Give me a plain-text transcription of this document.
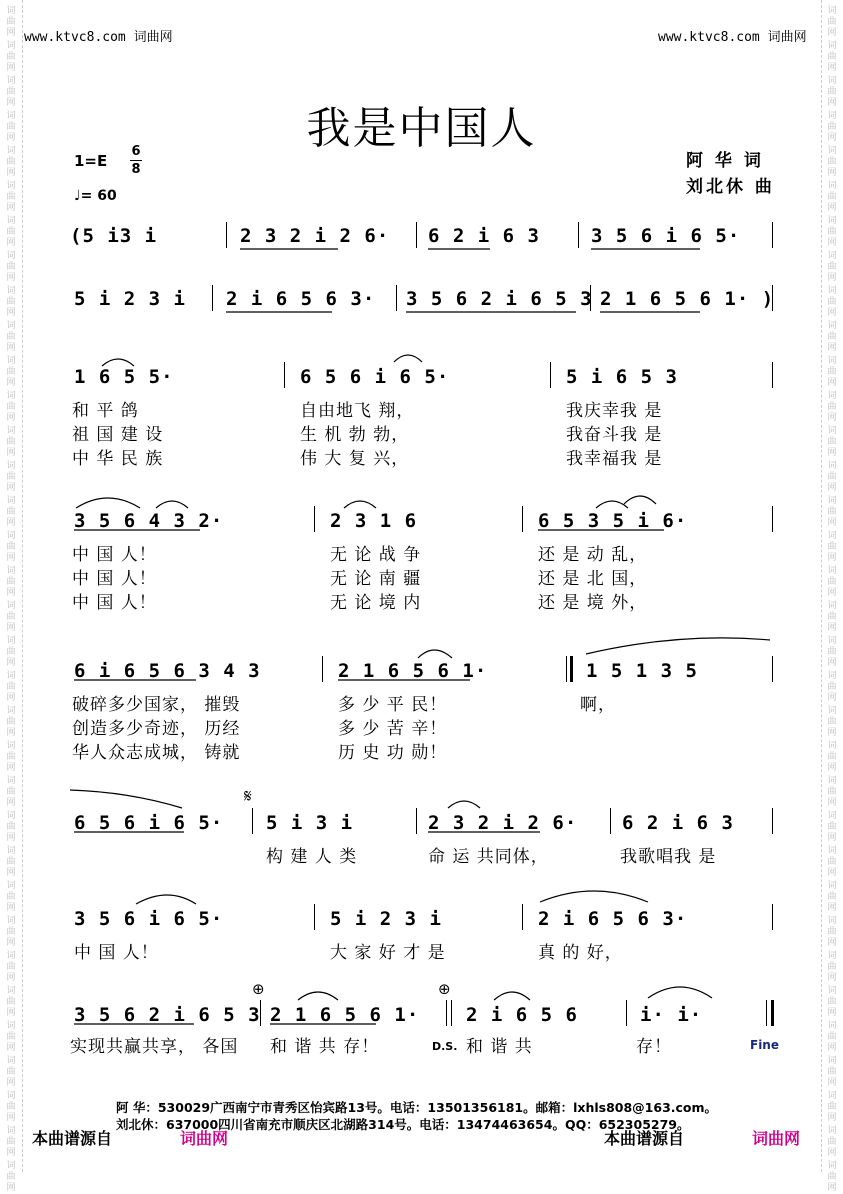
词
曲
网
词
曲
网
词
曲
网
词
曲
网
词
曲
网
词
曲
网
词
曲
网
词
曲
网
词
曲
网
词
曲
网
词
曲
网
词
曲
网
词
曲
网
词
曲
网
词
曲
网
词
曲
网
词
曲
网
词
曲
网
词
曲
网
词
曲
网
词
曲
网
词
曲
网
词
曲
网
词
曲
网
词
曲
网
词
曲
网
词
曲
网
词
曲
网
词
曲
网
词
曲
网
词
曲
网
词
曲
网
词
曲
网
词
曲
网
词
曲
网
词
曲
网
词
曲
网
词
曲
网
词
曲
网
词
曲
网
词
曲
网
词
曲
网
词
曲
网
词
曲
网
词
曲
网
词
曲
网
词
曲
网
词
曲
网
词
曲
网
词
曲
网
词
曲
网
词
曲
网
词
曲
网
词
曲
网
词
曲
网
词
曲
网
词
曲
网
词
曲
网
词
曲
网
词
曲
网
词
曲
网
词
曲
网
词
曲
网
词
曲
网
词
曲
网
词
曲
网
词
曲
网
词
曲
网
www.ktvc8.com 词曲网	www.ktvc8.com 词曲网
我是中国人
1=E
6
8
♩= 60
阿 华 词
刘北休 曲
(5 i3 i	2 3 2 i 2 6· 6 2 i 6 3	3 5 6 i 6 5·
5 i 2 3 i 2 i 6 5 6 3· 3 5 6 2 i 6 5 3 2 1 6 5 6 1· )
1 6 5 5·	6 5 6 i 6 5·	5 i 6 5 3
和 平 鸽	自由地飞 翔，	我庆幸我 是
祖 国 建 设	生 机 勃 勃，	我奋斗我 是
中 华 民 族	伟 大 复 兴，	我幸福我 是
3 5 6 4 3 2·	2 3 1 6	6 5 3 5 i 6·
中 国 人！	无 论 战 争	还 是 动 乱，
中 国 人！	无 论 南 疆	还 是 北 国，
中 国 人！	无 论 境 内	还 是 境 外，
6 i 6 5 6 3 4 3	2 1 6 5 6 1·	1 5 1 3 5
破碎多少国家， 摧毁	多 少 平 民！	啊，
创造多少奇迹， 历经	多 少 苦 辛！
华人众志成城， 铸就	历 史 功 勋！
𝄋
6 5 6 i 6 5· 5 i 3 i	2 3 2 i 2 6· 6 2 i 6 3
构 建 人 类	命 运 共同体，	我歌唱我 是
3 5 6 i 6 5·	5 i 2 3 i	2 i 6 5 6 3·
中 国 人！	大 家 好 才 是	真 的 好，
⊕	⊕
3 5 6 2 i 6 5 3 2 1 6 5 6 1· 2 i 6 5 6	i· i·
实现共赢共享， 各国 和 谐 共 存！	D.S. 和 谐 共	存！	Fine
阿 华：530029广西南宁市青秀区怡宾路13号。电话：13501356181。邮箱：lxhls808@163.com。
刘北休：637000四川省南充市顺庆区北湖路314号。电话：13474463654。QQ：652305279。
本曲谱源自	词曲网	本曲谱源自	词曲网
